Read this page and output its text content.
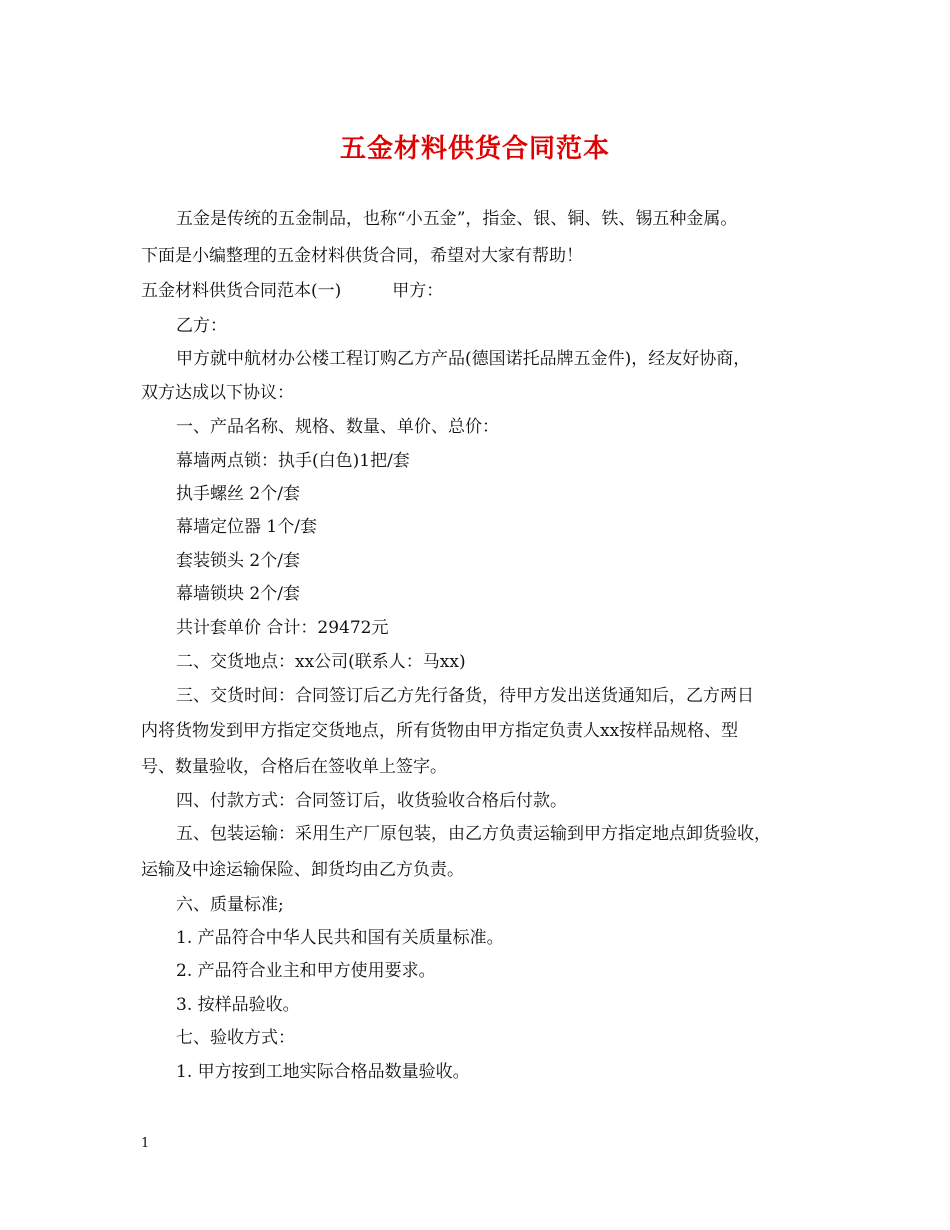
五金材料供货合同范本
五金是传统的五金制品，也称“小五金”，指金、银、铜、铁、锡五种金属。
下面是小编整理的五金材料供货合同，希望对大家有帮助！
五金材料供货合同范本(一)　　　甲方：
乙方：
甲方就中航材办公楼工程订购乙方产品(德国诺托品牌五金件)，经友好协商，
双方达成以下协议：
一、产品名称、规格、数量、单价、总价：
幕墙两点锁：执手(白色)1把/套
执手螺丝 2个/套
幕墙定位器 1个/套
套装锁头 2个/套
幕墙锁块 2个/套
共计套单价 合计：29472元
二、交货地点：xx公司(联系人：马xx)
三、交货时间：合同签订后乙方先行备货，待甲方发出送货通知后，乙方两日
内将货物发到甲方指定交货地点，所有货物由甲方指定负责人xx按样品规格、型
号、数量验收，合格后在签收单上签字。
四、付款方式：合同签订后，收货验收合格后付款。
五、包装运输：采用生产厂原包装，由乙方负责运输到甲方指定地点卸货验收，
运输及中途运输保险、卸货均由乙方负责。
六、质量标准;
1. 产品符合中华人民共和国有关质量标准。
2. 产品符合业主和甲方使用要求。
3. 按样品验收。
七、验收方式：
1. 甲方按到工地实际合格品数量验收。
1
